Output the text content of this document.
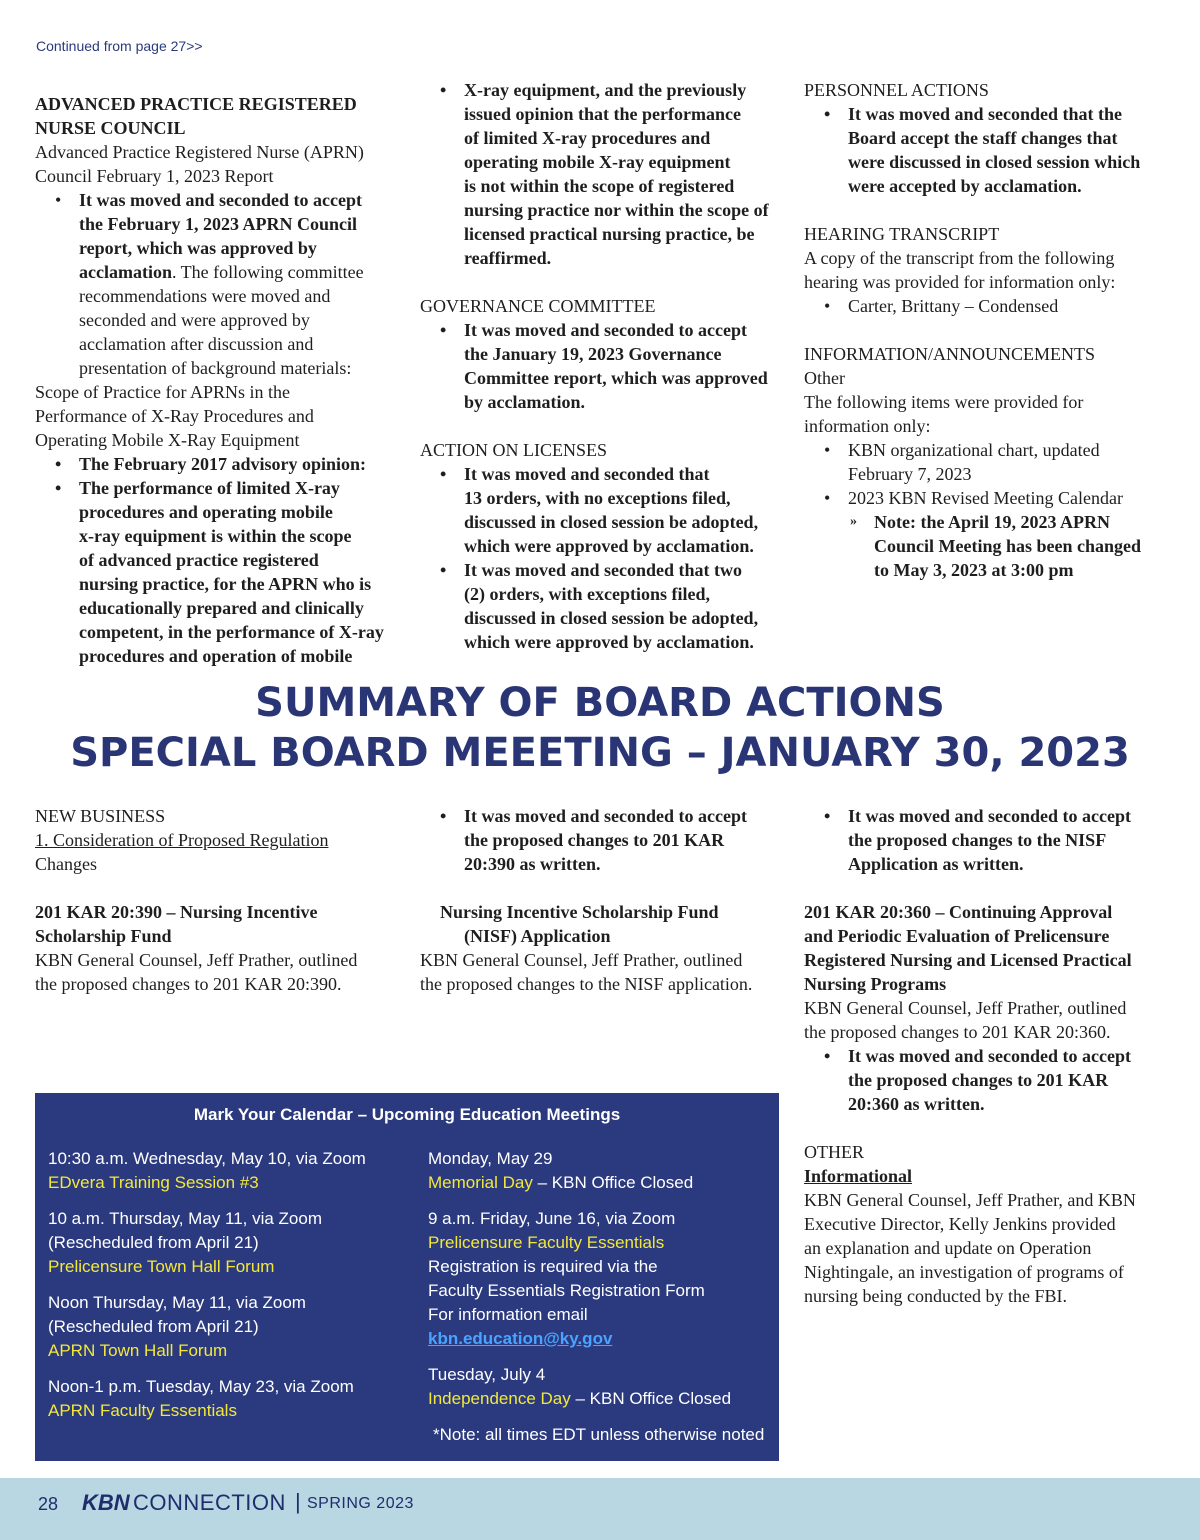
Continued from page 27>>
ADVANCED PRACTICE REGISTERED
NURSE COUNCIL
Advanced Practice Registered Nurse (APRN)
Council February 1, 2023 Report
• It was moved and seconded to accept
the February 1, 2023 APRN Council
report, which was approved by
acclamation. The following committee
recommendations were moved and
seconded and were approved by
acclamation after discussion and
presentation of background materials:
Scope of Practice for APRNs in the
Performance of X-Ray Procedures and
Operating Mobile X-Ray Equipment
• The February 2017 advisory opinion:
• The performance of limited X-ray
procedures and operating mobile
x-ray equipment is within the scope
of advanced practice registered
nursing practice, for the APRN who is
educationally prepared and clinically
competent, in the performance of X-ray
procedures and operation of mobile
• X-ray equipment, and the previously
issued opinion that the performance
of limited X-ray procedures and
operating mobile X-ray equipment
is not within the scope of registered
nursing practice nor within the scope of
licensed practical nursing practice, be
reaffirmed.
GOVERNANCE COMMITTEE
• It was moved and seconded to accept
the January 19, 2023 Governance
Committee report, which was approved
by acclamation.
ACTION ON LICENSES
• It was moved and seconded that
13 orders, with no exceptions filed,
discussed in closed session be adopted,
which were approved by acclamation.
• It was moved and seconded that two
(2) orders, with exceptions filed,
discussed in closed session be adopted,
which were approved by acclamation.
PERSONNEL ACTIONS
• It was moved and seconded that the
Board accept the staff changes that
were discussed in closed session which
were accepted by acclamation.
HEARING TRANSCRIPT
A copy of the transcript from the following
hearing was provided for information only:
• Carter, Brittany – Condensed
INFORMATION/ANNOUNCEMENTS
Other
The following items were provided for
information only:
• KBN organizational chart, updated
February 7, 2023
• 2023 KBN Revised Meeting Calendar
» Note: the April 19, 2023 APRN
Council Meeting has been changed
to May 3, 2023 at 3:00 pm
SUMMARY OF BOARD ACTIONS
SPECIAL BOARD MEEETING – JANUARY 30, 2023
NEW BUSINESS
1. Consideration of Proposed Regulation
Changes
201 KAR 20:390 – Nursing Incentive
Scholarship Fund
KBN General Counsel, Jeff Prather, outlined
the proposed changes to 201 KAR 20:390.
• It was moved and seconded to accept
the proposed changes to 201 KAR
20:390 as written.
Nursing Incentive Scholarship Fund
(NISF) Application
KBN General Counsel, Jeff Prather, outlined
the proposed changes to the NISF application.
• It was moved and seconded to accept
the proposed changes to the NISF
Application as written.
201 KAR 20:360 – Continuing Approval
and Periodic Evaluation of Prelicensure
Registered Nursing and Licensed Practical
Nursing Programs
KBN General Counsel, Jeff Prather, outlined
the proposed changes to 201 KAR 20:360.
• It was moved and seconded to accept
the proposed changes to 201 KAR
20:360 as written.
OTHER
Informational
KBN General Counsel, Jeff Prather, and KBN
Executive Director, Kelly Jenkins provided
an explanation and update on Operation
Nightingale, an investigation of programs of
nursing being conducted by the FBI.
Mark Your Calendar – Upcoming Education Meetings
10:30 a.m. Wednesday, May 10, via Zoom
EDvera Training Session #3
10 a.m. Thursday, May 11, via Zoom
(Rescheduled from April 21)
Prelicensure Town Hall Forum
Noon Thursday, May 11, via Zoom
(Rescheduled from April 21)
APRN Town Hall Forum
Noon-1 p.m. Tuesday, May 23, via Zoom
APRN Faculty Essentials
Monday, May 29
Memorial Day – KBN Office Closed
9 a.m. Friday, June 16, via Zoom
Prelicensure Faculty Essentials
Registration is required via the
Faculty Essentials Registration Form
For information email kbn.education@ky.gov
Tuesday, July 4
Independence Day – KBN Office Closed
*Note: all times EDT unless otherwise noted
28 KBN CONNECTION | SPRING 2023
